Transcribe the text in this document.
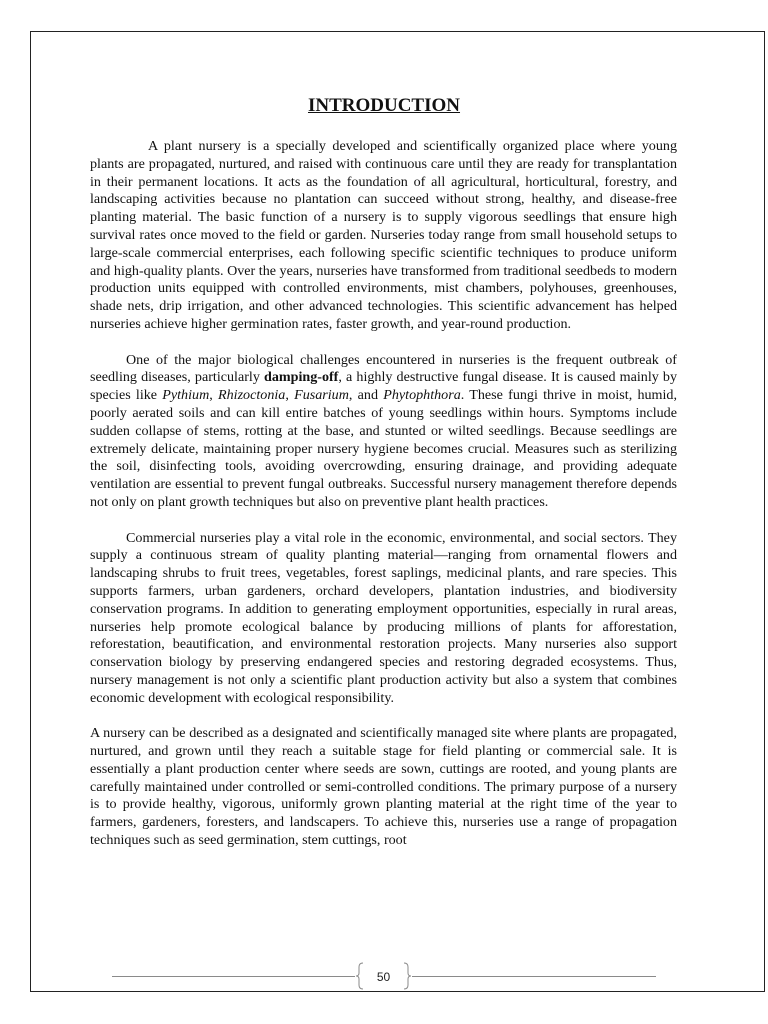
INTRODUCTION

A plant nursery is a specially developed and scientifically organized place where young plants are propagated, nurtured, and raised with continuous care until they are ready for transplantation in their permanent locations. It acts as the foundation of all agricultural, horticultural, forestry, and landscaping activities because no plantation can succeed without strong, healthy, and disease-free planting material. The basic function of a nursery is to supply vigorous seedlings that ensure high survival rates once moved to the field or garden. Nurseries today range from small household setups to large-scale commercial enterprises, each following specific scientific techniques to produce uniform and high-quality plants. Over the years, nurseries have transformed from traditional seedbeds to modern production units equipped with controlled environments, mist chambers, polyhouses, greenhouses, shade nets, drip irrigation, and other advanced technologies. This scientific advancement has helped nurseries achieve higher germination rates, faster growth, and year-round production.

One of the major biological challenges encountered in nurseries is the frequent outbreak of seedling diseases, particularly damping-off, a highly destructive fungal disease. It is caused mainly by species like Pythium, Rhizoctonia, Fusarium, and Phytophthora. These fungi thrive in moist, humid, poorly aerated soils and can kill entire batches of young seedlings within hours. Symptoms include sudden collapse of stems, rotting at the base, and stunted or wilted seedlings. Because seedlings are extremely delicate, maintaining proper nursery hygiene becomes crucial. Measures such as sterilizing the soil, disinfecting tools, avoiding overcrowding, ensuring drainage, and providing adequate ventilation are essential to prevent fungal outbreaks. Successful nursery management therefore depends not only on plant growth techniques but also on preventive plant health practices.

Commercial nurseries play a vital role in the economic, environmental, and social sectors. They supply a continuous stream of quality planting material—ranging from ornamental flowers and landscaping shrubs to fruit trees, vegetables, forest saplings, medicinal plants, and rare species. This supports farmers, urban gardeners, orchard developers, plantation industries, and biodiversity conservation programs. In addition to generating employment opportunities, especially in rural areas, nurseries help promote ecological balance by producing millions of plants for afforestation, reforestation, beautification, and environmental restoration projects. Many nurseries also support conservation biology by preserving endangered species and restoring degraded ecosystems. Thus, nursery management is not only a scientific plant production activity but also a system that combines economic development with ecological responsibility.

A nursery can be described as a designated and scientifically managed site where plants are propagated, nurtured, and grown until they reach a suitable stage for field planting or commercial sale. It is essentially a plant production center where seeds are sown, cuttings are rooted, and young plants are carefully maintained under controlled or semi-controlled conditions. The primary purpose of a nursery is to provide healthy, vigorous, uniformly grown planting material at the right time of the year to farmers, gardeners, foresters, and landscapers. To achieve this, nurseries use a range of propagation techniques such as seed germination, stem cuttings, root

50
